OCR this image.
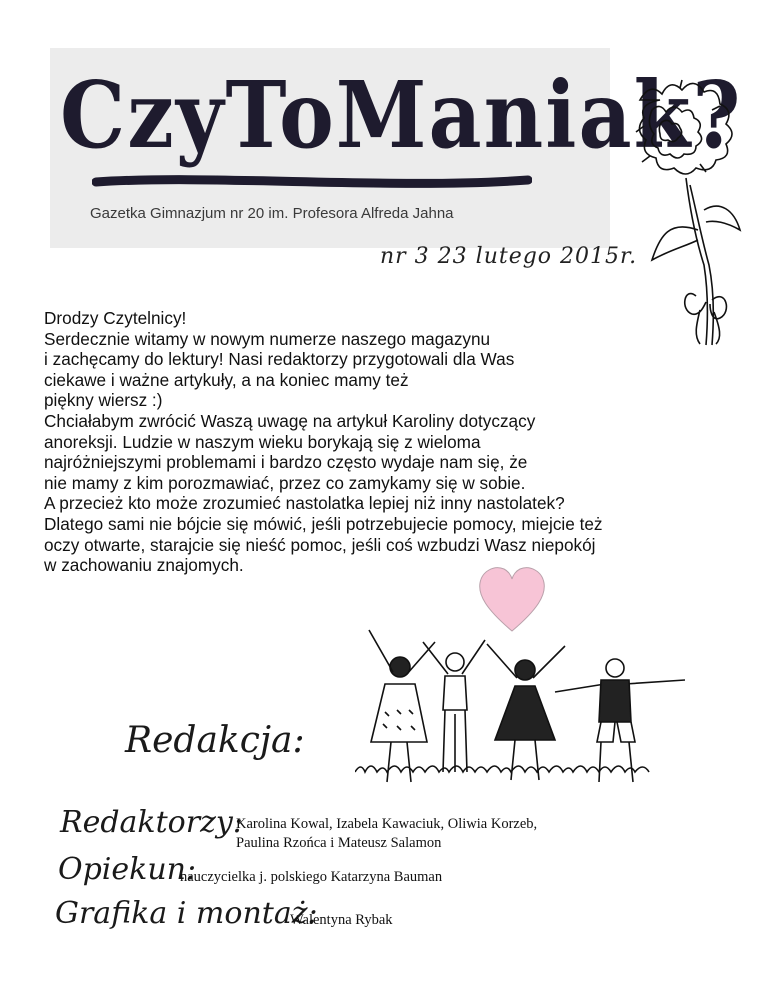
CzyToManiak?
Gazetka Gimnazjum nr 20 im. Profesora Alfreda Jahna
nr 3 23 lutego 2015r.
Drodzy Czytelnicy!
Serdecznie witamy w nowym numerze naszego magazynu
i zachęcamy do lektury! Nasi redaktorzy przygotowali dla Was
ciekawe i ważne artykuły, a na koniec mamy też
piękny wiersz :)
Chciałabym zwrócić Waszą uwagę na artykuł Karoliny dotyczący
anoreksji. Ludzie w naszym wieku borykają się z wieloma
najróżniejszymi problemami i bardzo często wydaje nam się, że
nie mamy z kim porozmawiać, przez co zamykamy się w sobie.
A przecież kto może zrozumieć nastolatka lepiej niż inny nastolatek?
Dlatego sami nie bójcie się mówić, jeśli potrzebujecie pomocy, miejcie też
oczy otwarte, starajcie się nieść pomoc, jeśli coś wzbudzi Wasz niepokój
w zachowaniu znajomych.
Redakcja:
Redaktorzy:
Karolina Kowal, Izabela Kawaciuk, Oliwia Korzeb,
Paulina Rzońca i Mateusz Salamon
Opiekun:
nauczycielka j. polskiego Katarzyna Bauman
Grafika i montaż:
Walentyna Rybak
